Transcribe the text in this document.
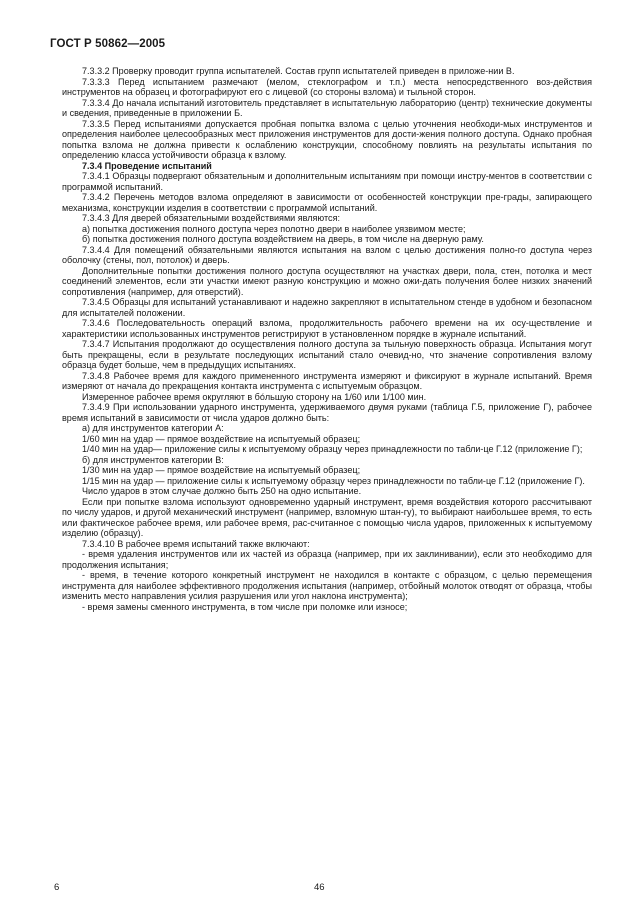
ГОСТ Р 50862—2005

7.3.3.2 Проверку проводит группа испытателей. Состав групп испытателей приведен в приложе-нии В.

7.3.3.3 Перед испытанием размечают (мелом, стеклографом и т.п.) места непосредственного воз-действия инструментов на образец и фотографируют его с лицевой (со стороны взлома) и тыльной сторон.

7.3.3.4 До начала испытаний изготовитель представляет в испытательную лабораторию (центр) технические документы и сведения, приведенные в приложении Б.

7.3.3.5 Перед испытаниями допускается пробная попытка взлома с целью уточнения необходи-мых инструментов и определения наиболее целесообразных мест приложения инструментов для дости-жения полного доступа. Однако пробная попытка взлома не должна привести к ослаблению конструкции, способному повлиять на результаты испытания по определению класса устойчивости образца к взлому.

7.3.4 Проведение испытаний

7.3.4.1 Образцы подвергают обязательным и дополнительным испытаниям при помощи инстру-ментов в соответствии с программой испытаний.

7.3.4.2 Перечень методов взлома определяют в зависимости от особенностей конструкции пре-грады, запирающего механизма, конструкции изделия в соответствии с программой испытаний.

7.3.4.3 Для дверей обязательными воздействиями являются:

а) попытка достижения полного доступа через полотно двери в наиболее уязвимом месте;

б) попытка достижения полного доступа воздействием на дверь, в том числе на дверную раму.

7.3.4.4 Для помещений обязательными являются испытания на взлом с целью достижения полно-го доступа через оболочку (стены, пол, потолок) и дверь.

Дополнительные попытки достижения полного доступа осуществляют на участках двери, пола, стен, потолка и мест соединений элементов, если эти участки имеют разную конструкцию и можно ожи-дать получения более низких значений сопротивления (например, для отверстий).

7.3.4.5 Образцы для испытаний устанавливают и надежно закрепляют в испытательном стенде в удобном и безопасном для испытателей положении.

7.3.4.6 Последовательность операций взлома, продолжительность рабочего времени на их осу-ществление и характеристики использованных инструментов регистрируют в установленном порядке в журнале испытаний.

7.3.4.7 Испытания продолжают до осуществления полного доступа за тыльную поверхность образца. Испытания могут быть прекращены, если в результате последующих испытаний стало очевид-но, что значение сопротивления взлому образца будет больше, чем в предыдущих испытаниях.

7.3.4.8 Рабочее время для каждого примененного инструмента измеряют и фиксируют в журнале испытаний. Время измеряют от начала до прекращения контакта инструмента с испытуемым образцом.

Измеренное рабочее время округляют в бóльшую сторону на 1/60 или 1/100 мин.

7.3.4.9 При использовании ударного инструмента, удерживаемого двумя руками (таблица Г.5, приложение Г), рабочее время испытаний в зависимости от числа ударов должно быть:

а) для инструментов категории А:

1/60 мин на удар — прямое воздействие на испытуемый образец;

1/40 мин на удар— приложение силы к испытуемому образцу через принадлежности по табли-це Г.12 (приложение Г);

б) для инструментов категории В:

1/30 мин на удар — прямое воздействие на испытуемый образец;

1/15 мин на удар — приложение силы к испытуемому образцу через принадлежности по табли-це Г.12 (приложение Г).

Число ударов в этом случае должно быть 250 на одно испытание.

Если при попытке взлома используют одновременно ударный инструмент, время воздействия которого рассчитывают по числу ударов, и другой механический инструмент (например, взломную штан-гу), то выбирают наибольшее время, то есть или фактическое рабочее время, или рабочее время, рас-считанное с помощью числа ударов, приложенных к испытуемому изделию (образцу).

7.3.4.10 В рабочее время испытаний также включают:

- время удаления инструментов или их частей из образца (например, при их заклинивании), если это необходимо для продолжения испытания;

- время, в течение которого конкретный инструмент не находился в контакте с образцом, с целью перемещения инструмента для наиболее эффективного продолжения испытания (например, отбойный молоток отводят от образца, чтобы изменить место направления усилия разрушения или угол наклона инструмента);

- время замены сменного инструмента, в том числе при поломке или износе;

6	46
